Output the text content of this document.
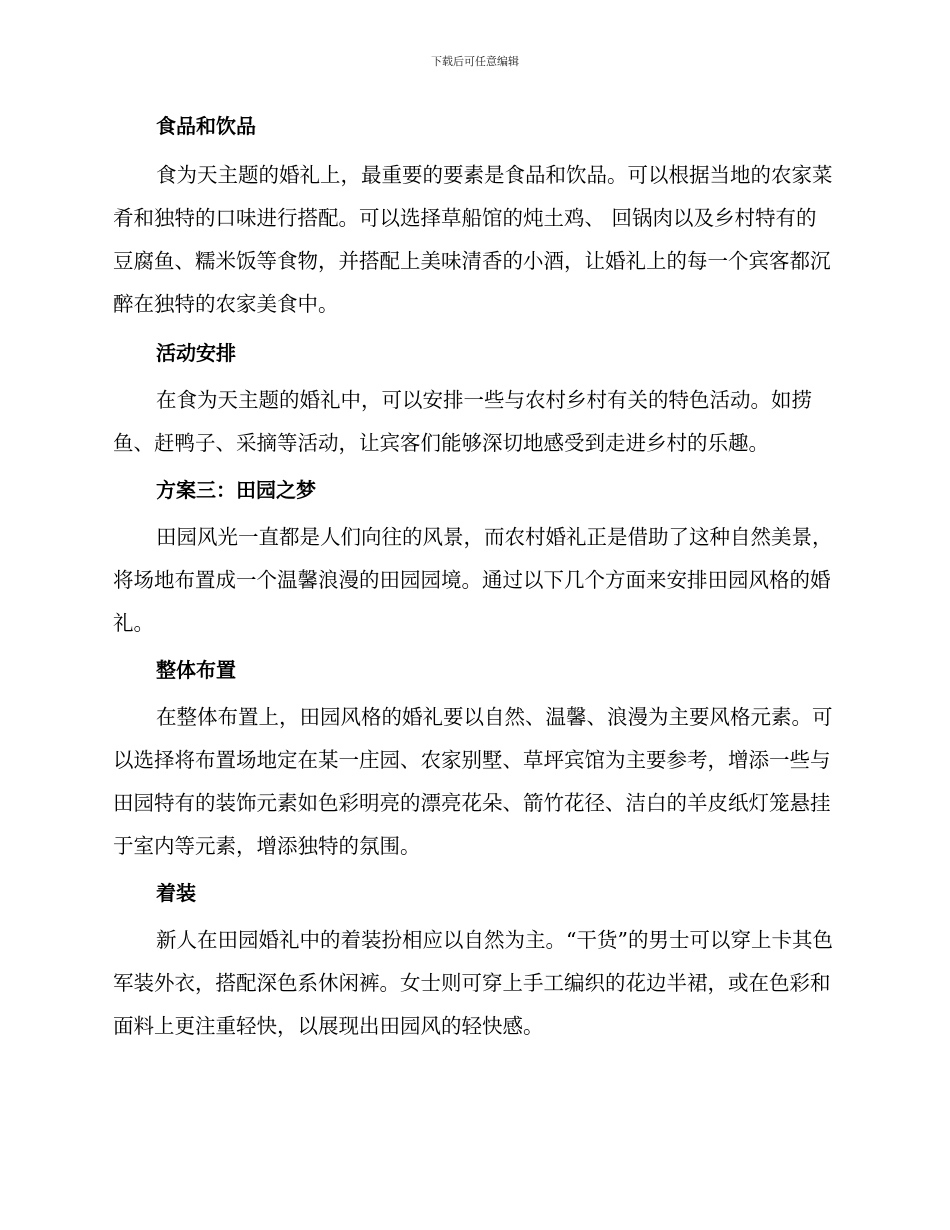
下载后可任意编辑
食品和饮品

食为天主题的婚礼上，最重要的要素是食品和饮品。可以根据当地的农家菜肴和独特的口味进行搭配。可以选择草船馆的炖土鸡、 回锅肉以及乡村特有的豆腐鱼、糯米饭等食物，并搭配上美味清香的小酒，让婚礼上的每一个宾客都沉醉在独特的农家美食中。

活动安排

在食为天主题的婚礼中，可以安排一些与农村乡村有关的特色活动。如捞鱼、赶鸭子、采摘等活动，让宾客们能够深切地感受到走进乡村的乐趣。

方案三：田园之梦

田园风光一直都是人们向往的风景，而农村婚礼正是借助了这种自然美景，将场地布置成一个温馨浪漫的田园园境。通过以下几个方面来安排田园风格的婚礼。

整体布置

在整体布置上，田园风格的婚礼要以自然、温馨、浪漫为主要风格元素。可以选择将布置场地定在某一庄园、农家别墅、草坪宾馆为主要参考，增添一些与田园特有的装饰元素如色彩明亮的漂亮花朵、箭竹花径、洁白的羊皮纸灯笼悬挂于室内等元素，增添独特的氛围。

着装

新人在田园婚礼中的着装扮相应以自然为主。“干货”的男士可以穿上卡其色军装外衣，搭配深色系休闲裤。女士则可穿上手工编织的花边半裙，或在色彩和面料上更注重轻快，以展现出田园风的轻快感。
